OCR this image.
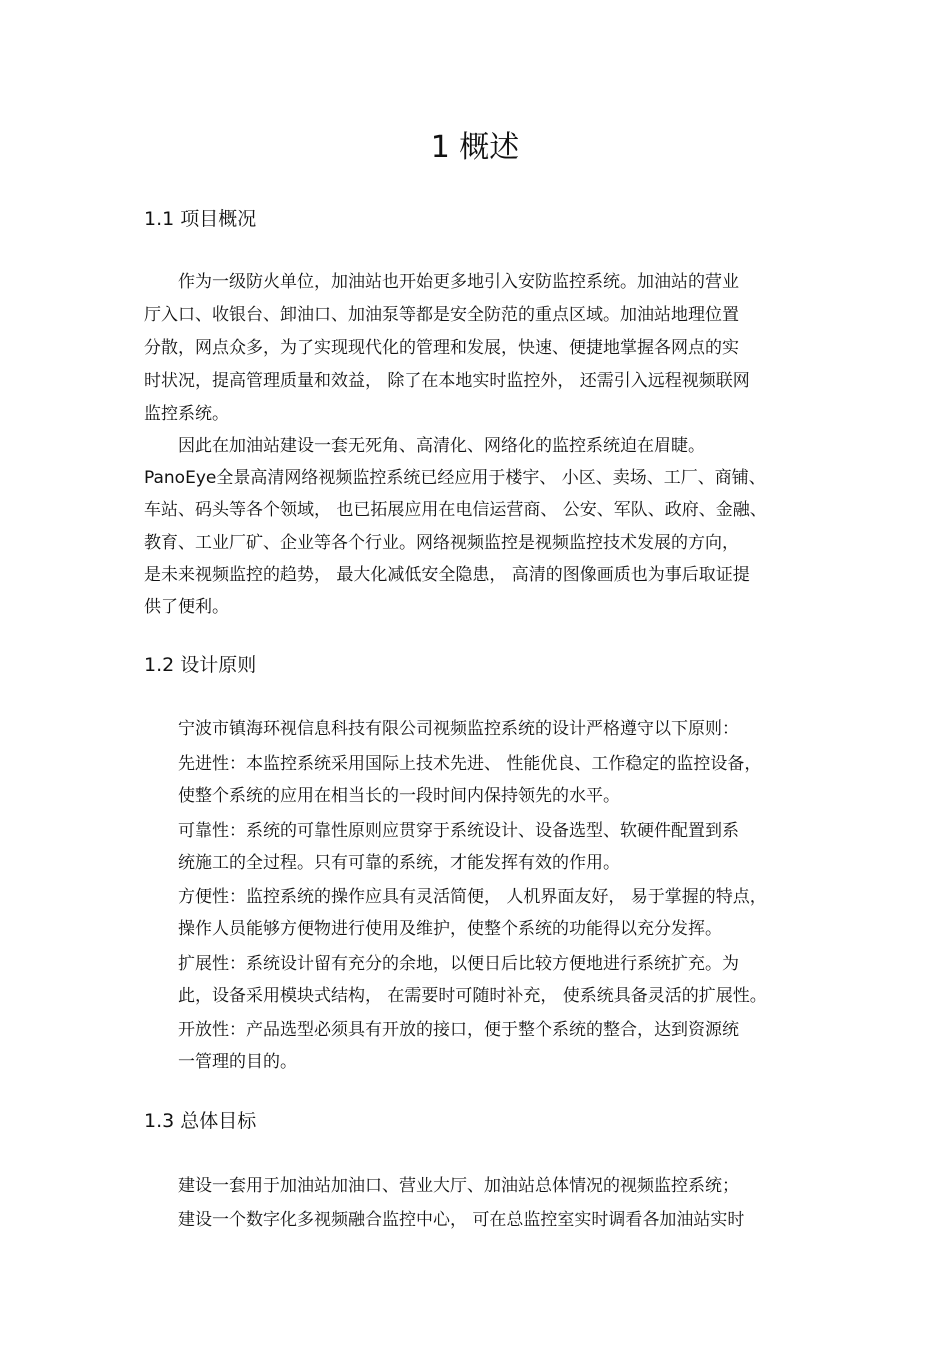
1 概述
1.1 项目概况
作为一级防火单位，加油站也开始更多地引入安防监控系统。加油站的营业
厅入口、收银台、卸油口、加油泵等都是安全防范的重点区域。加油站地理位置
分散，网点众多，为了实现现代化的管理和发展，快速、便捷地掌握各网点的实
时状况，提高管理质量和效益， 除了在本地实时监控外， 还需引入远程视频联网
监控系统。
因此在加油站建设一套无死角、高清化、网络化的监控系统迫在眉睫。
PanoEye全景高清网络视频监控系统已经应用于楼宇、 小区、卖场、工厂、商铺、
车站、码头等各个领域， 也已拓展应用在电信运营商、 公安、军队、政府、金融、
教育、工业厂矿、企业等各个行业。网络视频监控是视频监控技术发展的方向，
是未来视频监控的趋势， 最大化减低安全隐患， 高清的图像画质也为事后取证提
供了便利。
1.2 设计原则
宁波市镇海环视信息科技有限公司视频监控系统的设计严格遵守以下原则：
先进性：本监控系统采用国际上技术先进、 性能优良、工作稳定的监控设备，
使整个系统的应用在相当长的一段时间内保持领先的水平。
可靠性：系统的可靠性原则应贯穿于系统设计、设备选型、软硬件配置到系
统施工的全过程。只有可靠的系统，才能发挥有效的作用。
方便性：监控系统的操作应具有灵活简便， 人机界面友好， 易于掌握的特点，
操作人员能够方便物进行使用及维护，使整个系统的功能得以充分发挥。
扩展性：系统设计留有充分的余地，以便日后比较方便地进行系统扩充。为
此，设备采用模块式结构， 在需要时可随时补充， 使系统具备灵活的扩展性。
开放性：产品选型必须具有开放的接口，便于整个系统的整合，达到资源统
一管理的目的。
1.3 总体目标
建设一套用于加油站加油口、营业大厅、加油站总体情况的视频监控系统；
建设一个数字化多视频融合监控中心， 可在总监控室实时调看各加油站实时
